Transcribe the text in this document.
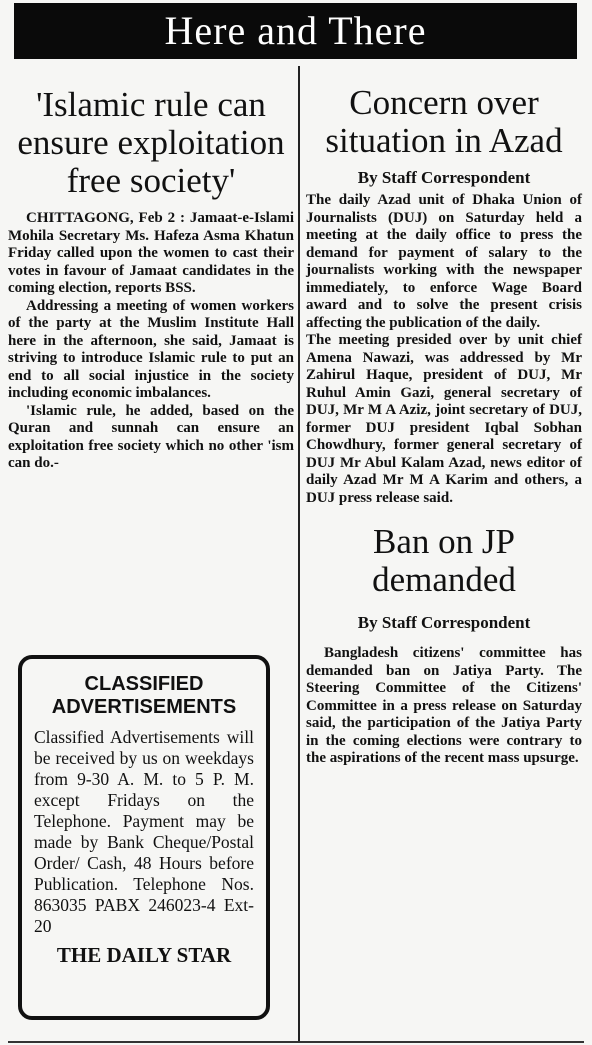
Here and There
'Islamic rule can ensure exploitation free society'

CHITTAGONG, Feb 2 : Jamaat-e-Islami Mohila Secretary Ms. Hafeza Asma Khatun Friday called upon the women to cast their votes in favour of Jamaat candidates in the coming election, reports BSS.

Addressing a meeting of women workers of the party at the Muslim Institute Hall here in the afternoon, she said, Jamaat is striving to introduce Islamic rule to put an end to all social injustice in the society including economic imbalances.

'Islamic rule, he added, based on the Quran and sunnah can ensure an exploitation free society which no other 'ism can do.-

CLASSIFIED ADVERTISEMENTS

Classified Advertisements will be received by us on weekdays from 9-30 A. M. to 5 P. M. except Fridays on the Telephone. Payment may be made by Bank Cheque/Postal Order/ Cash, 48 Hours before Publication. Telephone Nos. 863035 PABX 246023-4 Ext-20

THE DAILY STAR
Concern over situation in Azad
By Staff Correspondent

The daily Azad unit of Dhaka Union of Journalists (DUJ) on Saturday held a meeting at the daily office to press the demand for payment of salary to the journalists working with the newspaper immediately, to enforce Wage Board award and to solve the present crisis affecting the publication of the daily.

The meeting presided over by unit chief Amena Nawazi, was addressed by Mr Zahirul Haque, president of DUJ, Mr Ruhul Amin Gazi, general secretary of DUJ, Mr M A Aziz, joint secretary of DUJ, former DUJ president Iqbal Sobhan Chowdhury, former general secretary of DUJ Mr Abul Kalam Azad, news editor of daily Azad Mr M A Karim and others, a DUJ press release said.

Ban on JP demanded
By Staff Correspondent

Bangladesh citizens' committee has demanded ban on Jatiya Party. The Steering Committee of the Citizens' Committee in a press release on Saturday said, the participation of the Jatiya Party in the coming elections were contrary to the aspirations of the recent mass upsurge.
